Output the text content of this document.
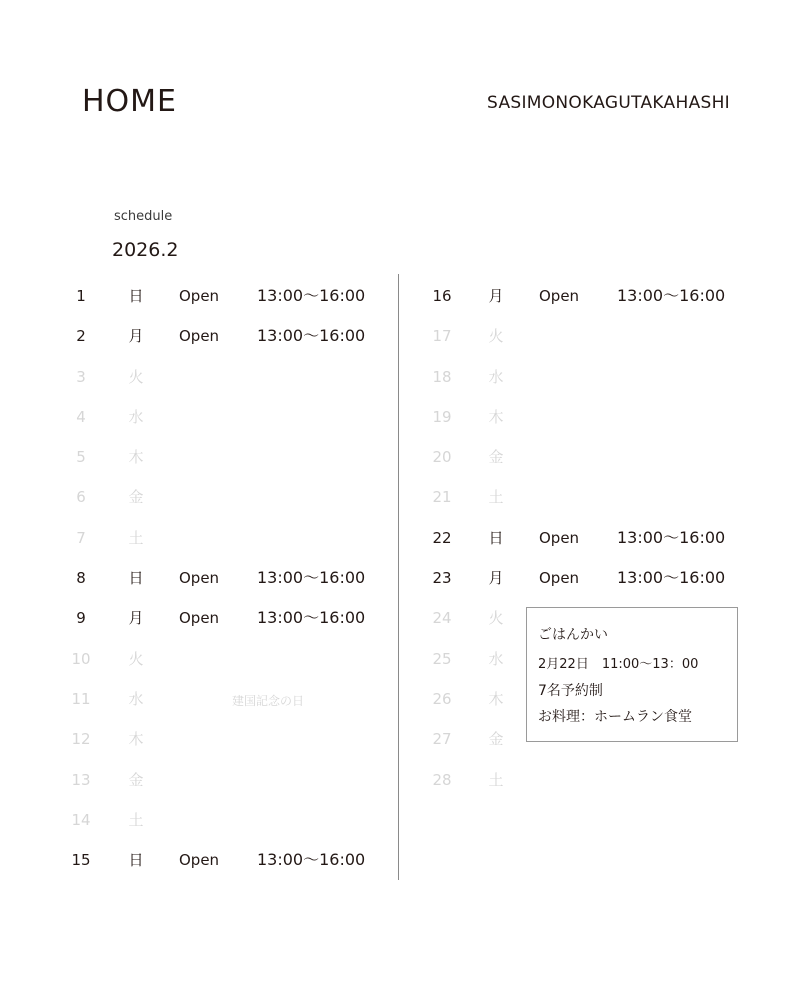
HOME	SASIMONOKAGUTAKAHASHI
schedule
2026.2
1	日	Open 13:00〜16:00
2	月	Open 13:00〜16:00
3	火
4	水
5	木
6	金
7	土
8	日	Open 13:00〜16:00
9	月	Open 13:00〜16:00
10	火
11	水	建国記念の日
12	木
13	金
14	土
15	日	Open 13:00〜16:00
16	月	Open 13:00〜16:00
17	火
18	水
19	木
20	金
21	土
22	日	Open 13:00〜16:00
23	月	Open 13:00〜16:00
24	火
25	水
26	木
27	金
28	土
ごはんかい
2月22日　11:00〜13：00
7名予約制
お料理：ホームラン食堂
